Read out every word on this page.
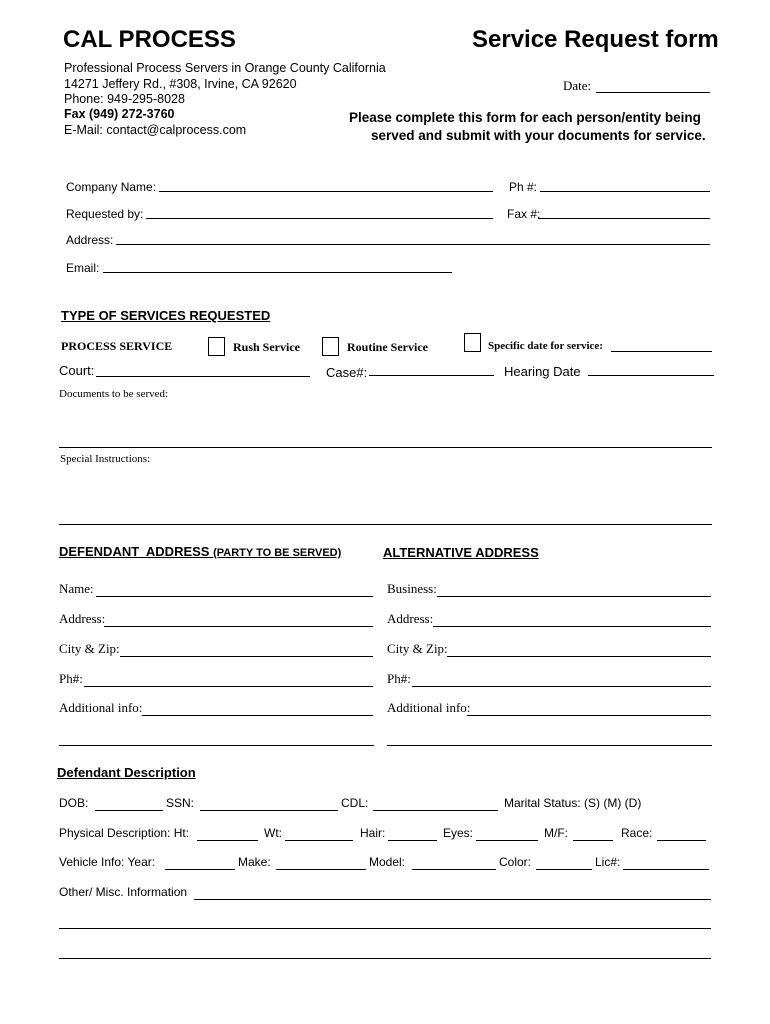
CAL PROCESS	Service Request form
Professional Process Servers in Orange County California
14271 Jeffery Rd., #308, Irvine, CA 92620
Phone: 949-295-8028
Fax (949) 272-3760
E-Mail: contact@calprocess.com
Date:
Please complete this form for each person/entity being
served and submit with your documents for service.
Company Name:	Ph #:
Requested by:	Fax #:
Address:
Email:
TYPE OF SERVICES REQUESTED
PROCESS SERVICE	Rush Service	Routine Service	Specific date for service:
Court:	Case#:	Hearing Date
Documents to be served:
Special Instructions:
DEFENDANT  ADDRESS (PARTY TO BE SERVED)	ALTERNATIVE ADDRESS
Name:	Business:
Address:	Address:
City & Zip:	City & Zip:
Ph#:	Ph#:
Additional info:	Additional info:
Defendant Description
DOB:	SSN:	CDL:	Marital Status: (S) (M) (D)
Physical Description: Ht:	Wt:	Hair:	Eyes:	M/F:	Race:
Vehicle Info: Year:	Make:	Model:	Color:	Lic#:
Other/ Misc. Information
